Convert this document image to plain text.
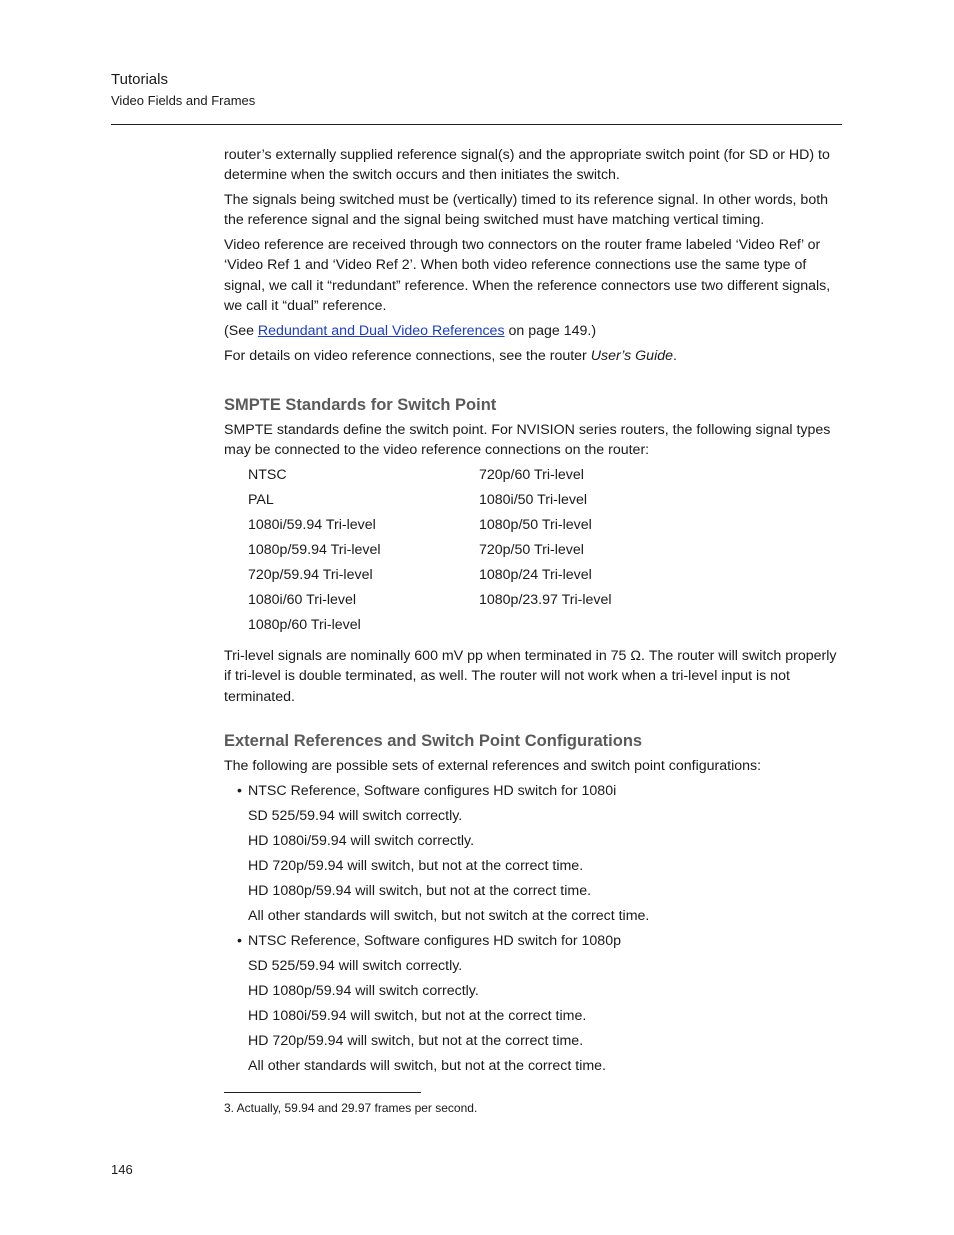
Tutorials
Video Fields and Frames

router’s externally supplied reference signal(s) and the appropriate switch point (for SD or HD) to determine when the switch occurs and then initiates the switch.

The signals being switched must be (vertically) timed to its reference signal. In other words, both the reference signal and the signal being switched must have matching vertical timing.

Video reference are received through two connectors on the router frame labeled ‘Video Ref’ or ‘Video Ref 1 and ‘Video Ref 2’. When both video reference connections use the same type of signal, we call it “redundant” reference. When the reference connectors use two different signals, we call it “dual” reference.

(See Redundant and Dual Video References on page 149.)

For details on video reference connections, see the router User’s Guide.

SMPTE Standards for Switch Point

SMPTE standards define the switch point. For NVISION series routers, the following signal types may be connected to the video reference connections on the router:

NTSC	720p/60 Tri-level
PAL	1080i/50 Tri-level
1080i/59.94 Tri-level	1080p/50 Tri-level
1080p/59.94 Tri-level	720p/50 Tri-level
720p/59.94 Tri-level	1080p/24 Tri-level
1080i/60 Tri-level	1080p/23.97 Tri-level
1080p/60 Tri-level

Tri-level signals are nominally 600 mV pp when terminated in 75 Ω. The router will switch properly if tri-level is double terminated, as well. The router will not work when a tri-level input is not terminated.

External References and Switch Point Configurations

The following are possible sets of external references and switch point configurations:

• NTSC Reference, Software configures HD switch for 1080i
SD 525/59.94 will switch correctly.
HD 1080i/59.94 will switch correctly.
HD 720p/59.94 will switch, but not at the correct time.
HD 1080p/59.94 will switch, but not at the correct time.
All other standards will switch, but not switch at the correct time.
• NTSC Reference, Software configures HD switch for 1080p
SD 525/59.94 will switch correctly.
HD 1080p/59.94 will switch correctly.
HD 1080i/59.94 will switch, but not at the correct time.
HD 720p/59.94 will switch, but not at the correct time.
All other standards will switch, but not at the correct time.
3. Actually, 59.94 and 29.97 frames per second.
146
